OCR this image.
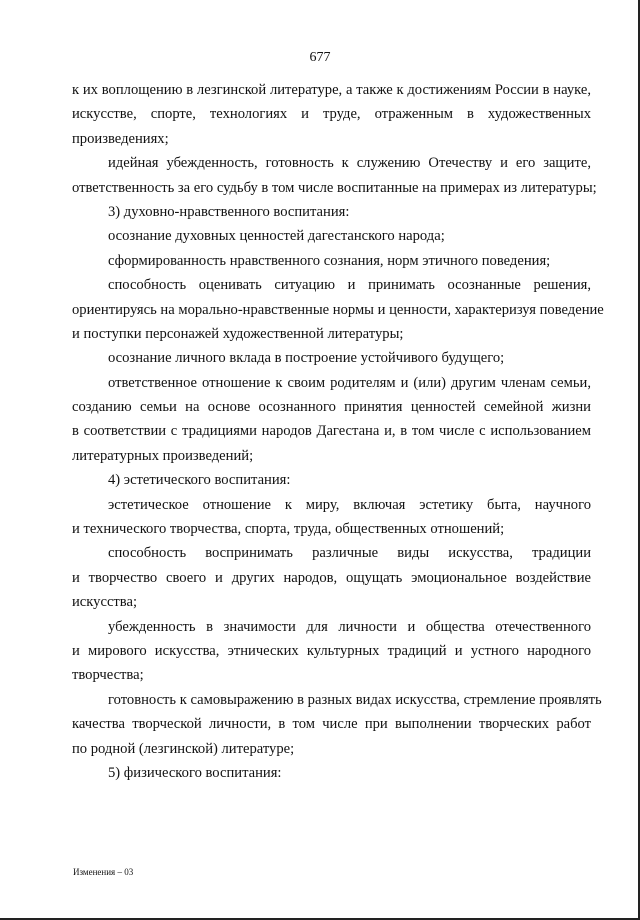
677
к их воплощению в лезгинской литературе, а также к достижениям России в науке,
искусстве, спорте, технологиях и труде, отраженным в художественных
произведениях;
идейная убежденность, готовность к служению Отечеству и его защите,
ответственность за его судьбу в том числе воспитанные на примерах из литературы;
3) духовно-нравственного воспитания:
осознание духовных ценностей дагестанского народа;
сформированность нравственного сознания, норм этичного поведения;
способность оценивать ситуацию и принимать осознанные решения,
ориентируясь на морально-нравственные нормы и ценности, характеризуя поведение
и поступки персонажей художественной литературы;
осознание личного вклада в построение устойчивого будущего;
ответственное отношение к своим родителям и (или) другим членам семьи,
созданию семьи на основе осознанного принятия ценностей семейной жизни
в соответствии с традициями народов Дагестана и, в том числе с использованием
литературных произведений;
4) эстетического воспитания:
эстетическое отношение к миру, включая эстетику быта, научного
и технического творчества, спорта, труда, общественных отношений;
способность воспринимать различные виды искусства, традиции
и творчество своего и других народов, ощущать эмоциональное воздействие
искусства;
убежденность в значимости для личности и общества отечественного
и мирового искусства, этнических культурных традиций и устного народного
творчества;
готовность к самовыражению в разных видах искусства, стремление проявлять
качества творческой личности, в том числе при выполнении творческих работ
по родной (лезгинской) литературе;
5) физического воспитания:
Изменения – 03
